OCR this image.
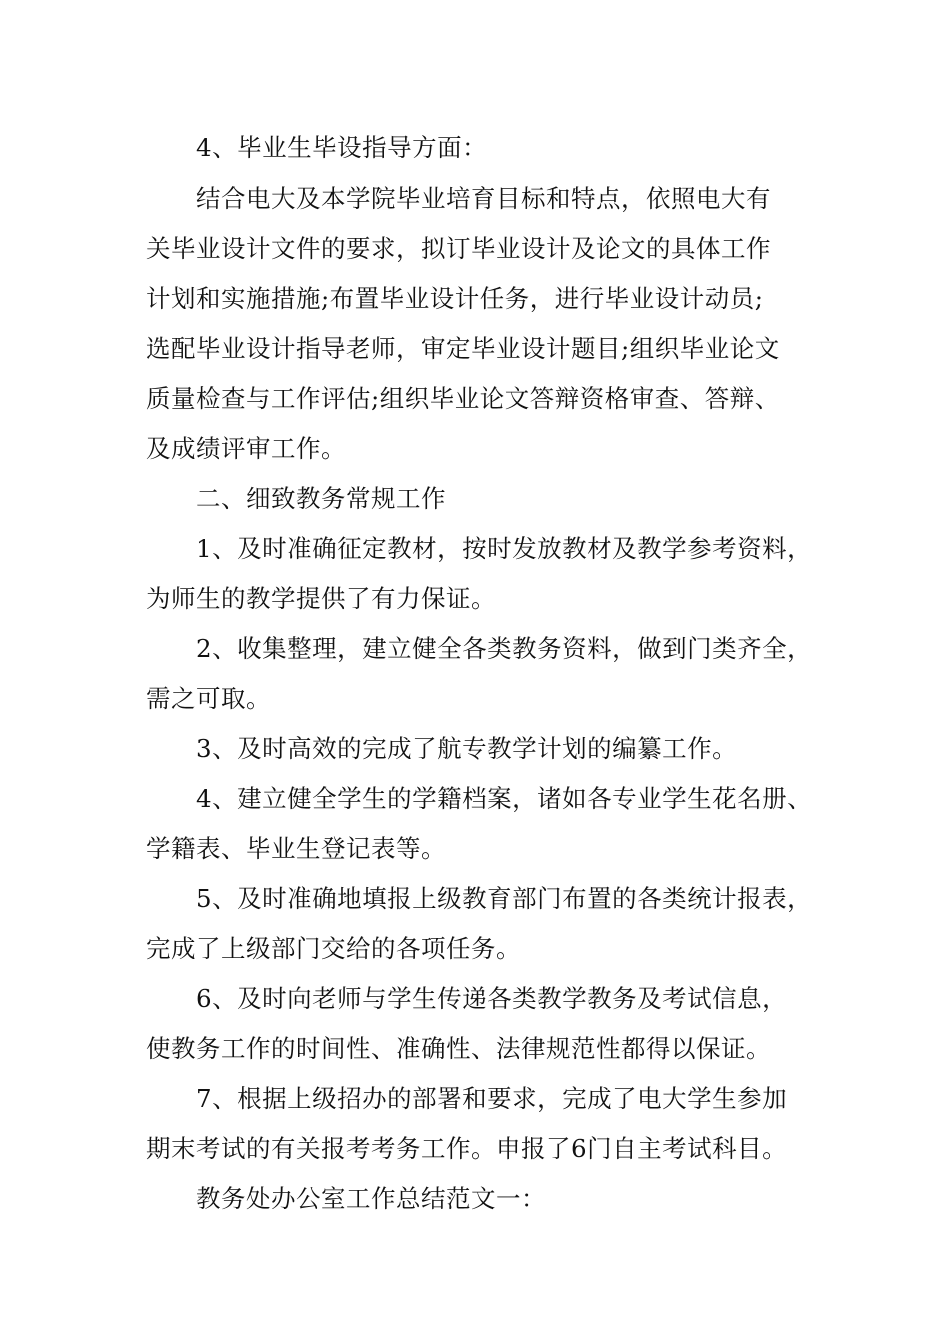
4、毕业生毕设指导方面：
结合电大及本学院毕业培育目标和特点，依照电大有
关毕业设计文件的要求，拟订毕业设计及论文的具体工作
计划和实施措施;布置毕业设计任务，进行毕业设计动员;
选配毕业设计指导老师，审定毕业设计题目;组织毕业论文
质量检查与工作评估;组织毕业论文答辩资格审查、答辩、
及成绩评审工作。
二、细致教务常规工作
1、及时准确征定教材，按时发放教材及教学参考资料，
为师生的教学提供了有力保证。
2、收集整理，建立健全各类教务资料，做到门类齐全，
需之可取。
3、及时高效的完成了航专教学计划的编纂工作。
4、建立健全学生的学籍档案，诸如各专业学生花名册、
学籍表、毕业生登记表等。
5、及时准确地填报上级教育部门布置的各类统计报表，
完成了上级部门交给的各项任务。
6、及时向老师与学生传递各类教学教务及考试信息，
使教务工作的时间性、准确性、法律规范性都得以保证。
7、根据上级招办的部署和要求，完成了电大学生参加
期末考试的有关报考考务工作。申报了6门自主考试科目。
教务处办公室工作总结范文一：
